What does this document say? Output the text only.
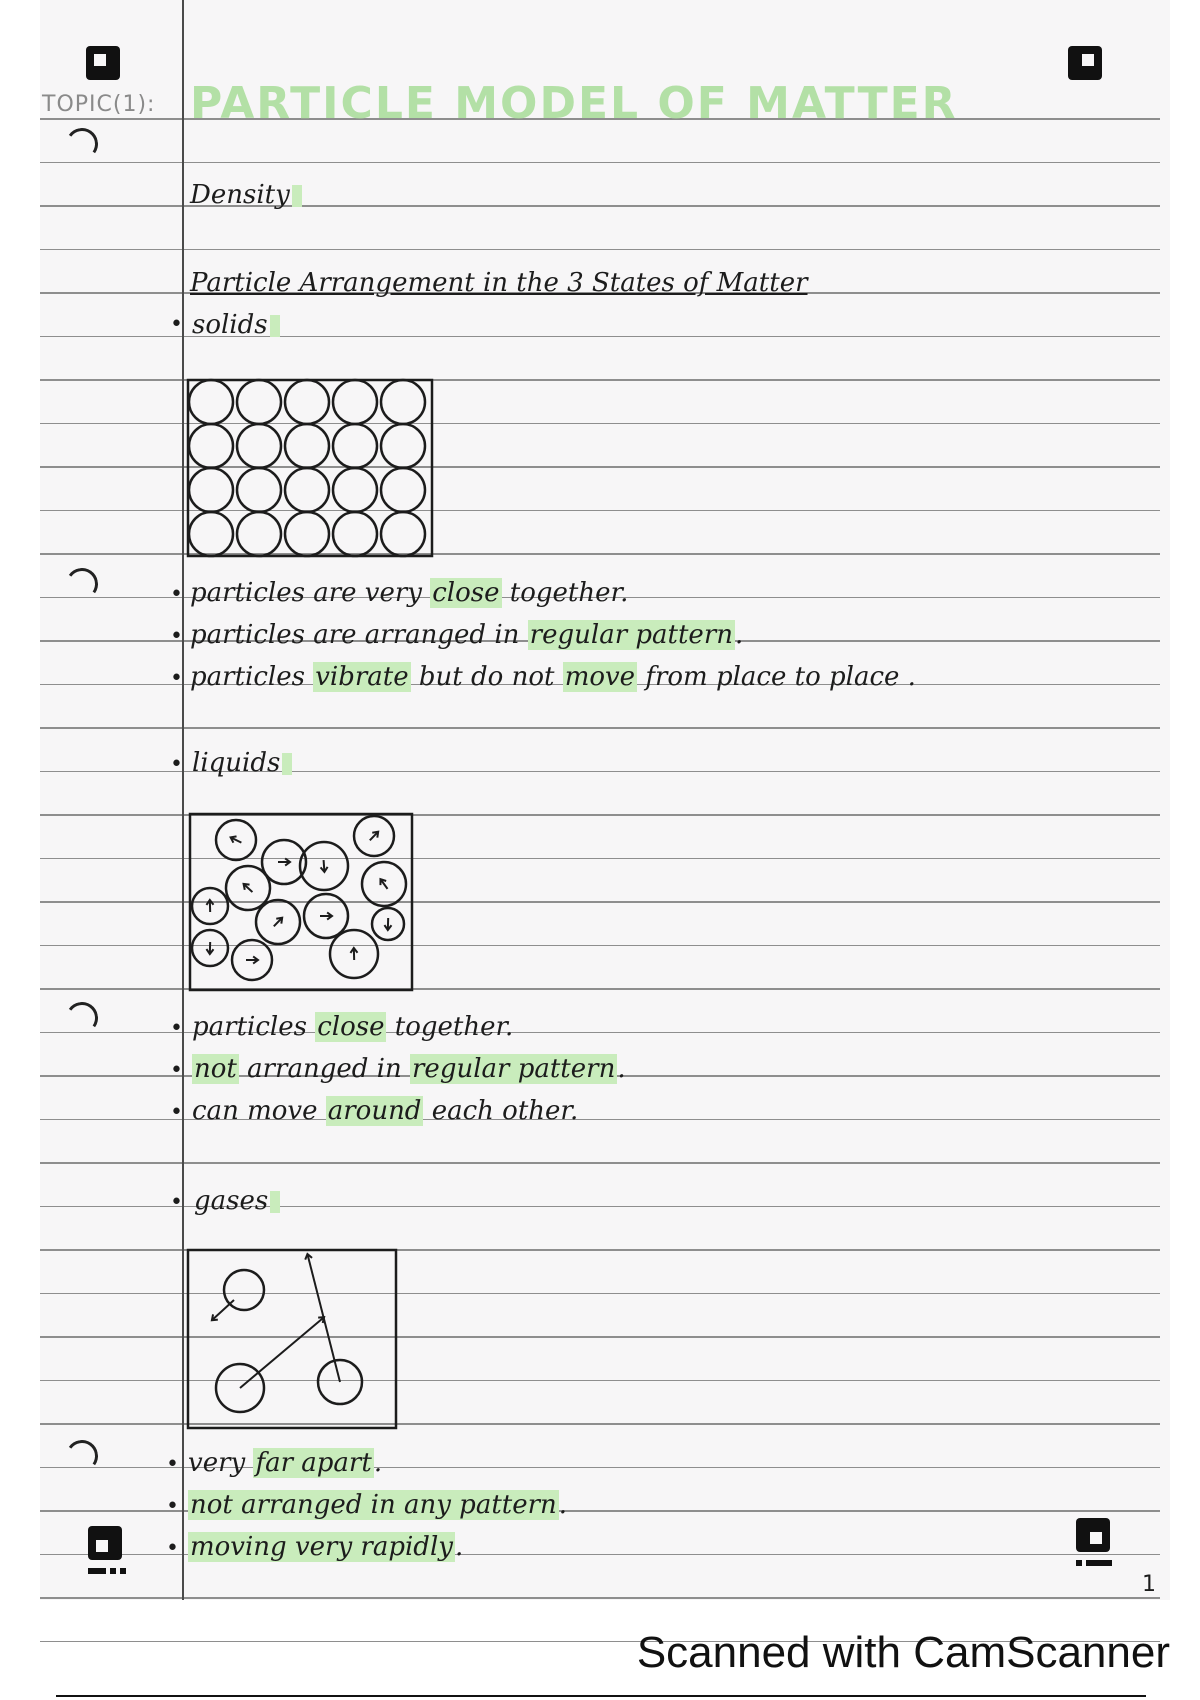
TOPIC(1): PARTICLE MODEL OF MATTER
Density
Particle Arrangement in the 3 States of Matter
• solids
• particles are very close together.
• particles are arranged in regular pattern.
• particles vibrate but do not move from place to place .
• liquids
• particles close together.
• not arranged in regular pattern.
• can move around each other.
• gases
• very far apart.
• not arranged in any pattern.
• moving very rapidly.
1
Scanned with CamScanner
